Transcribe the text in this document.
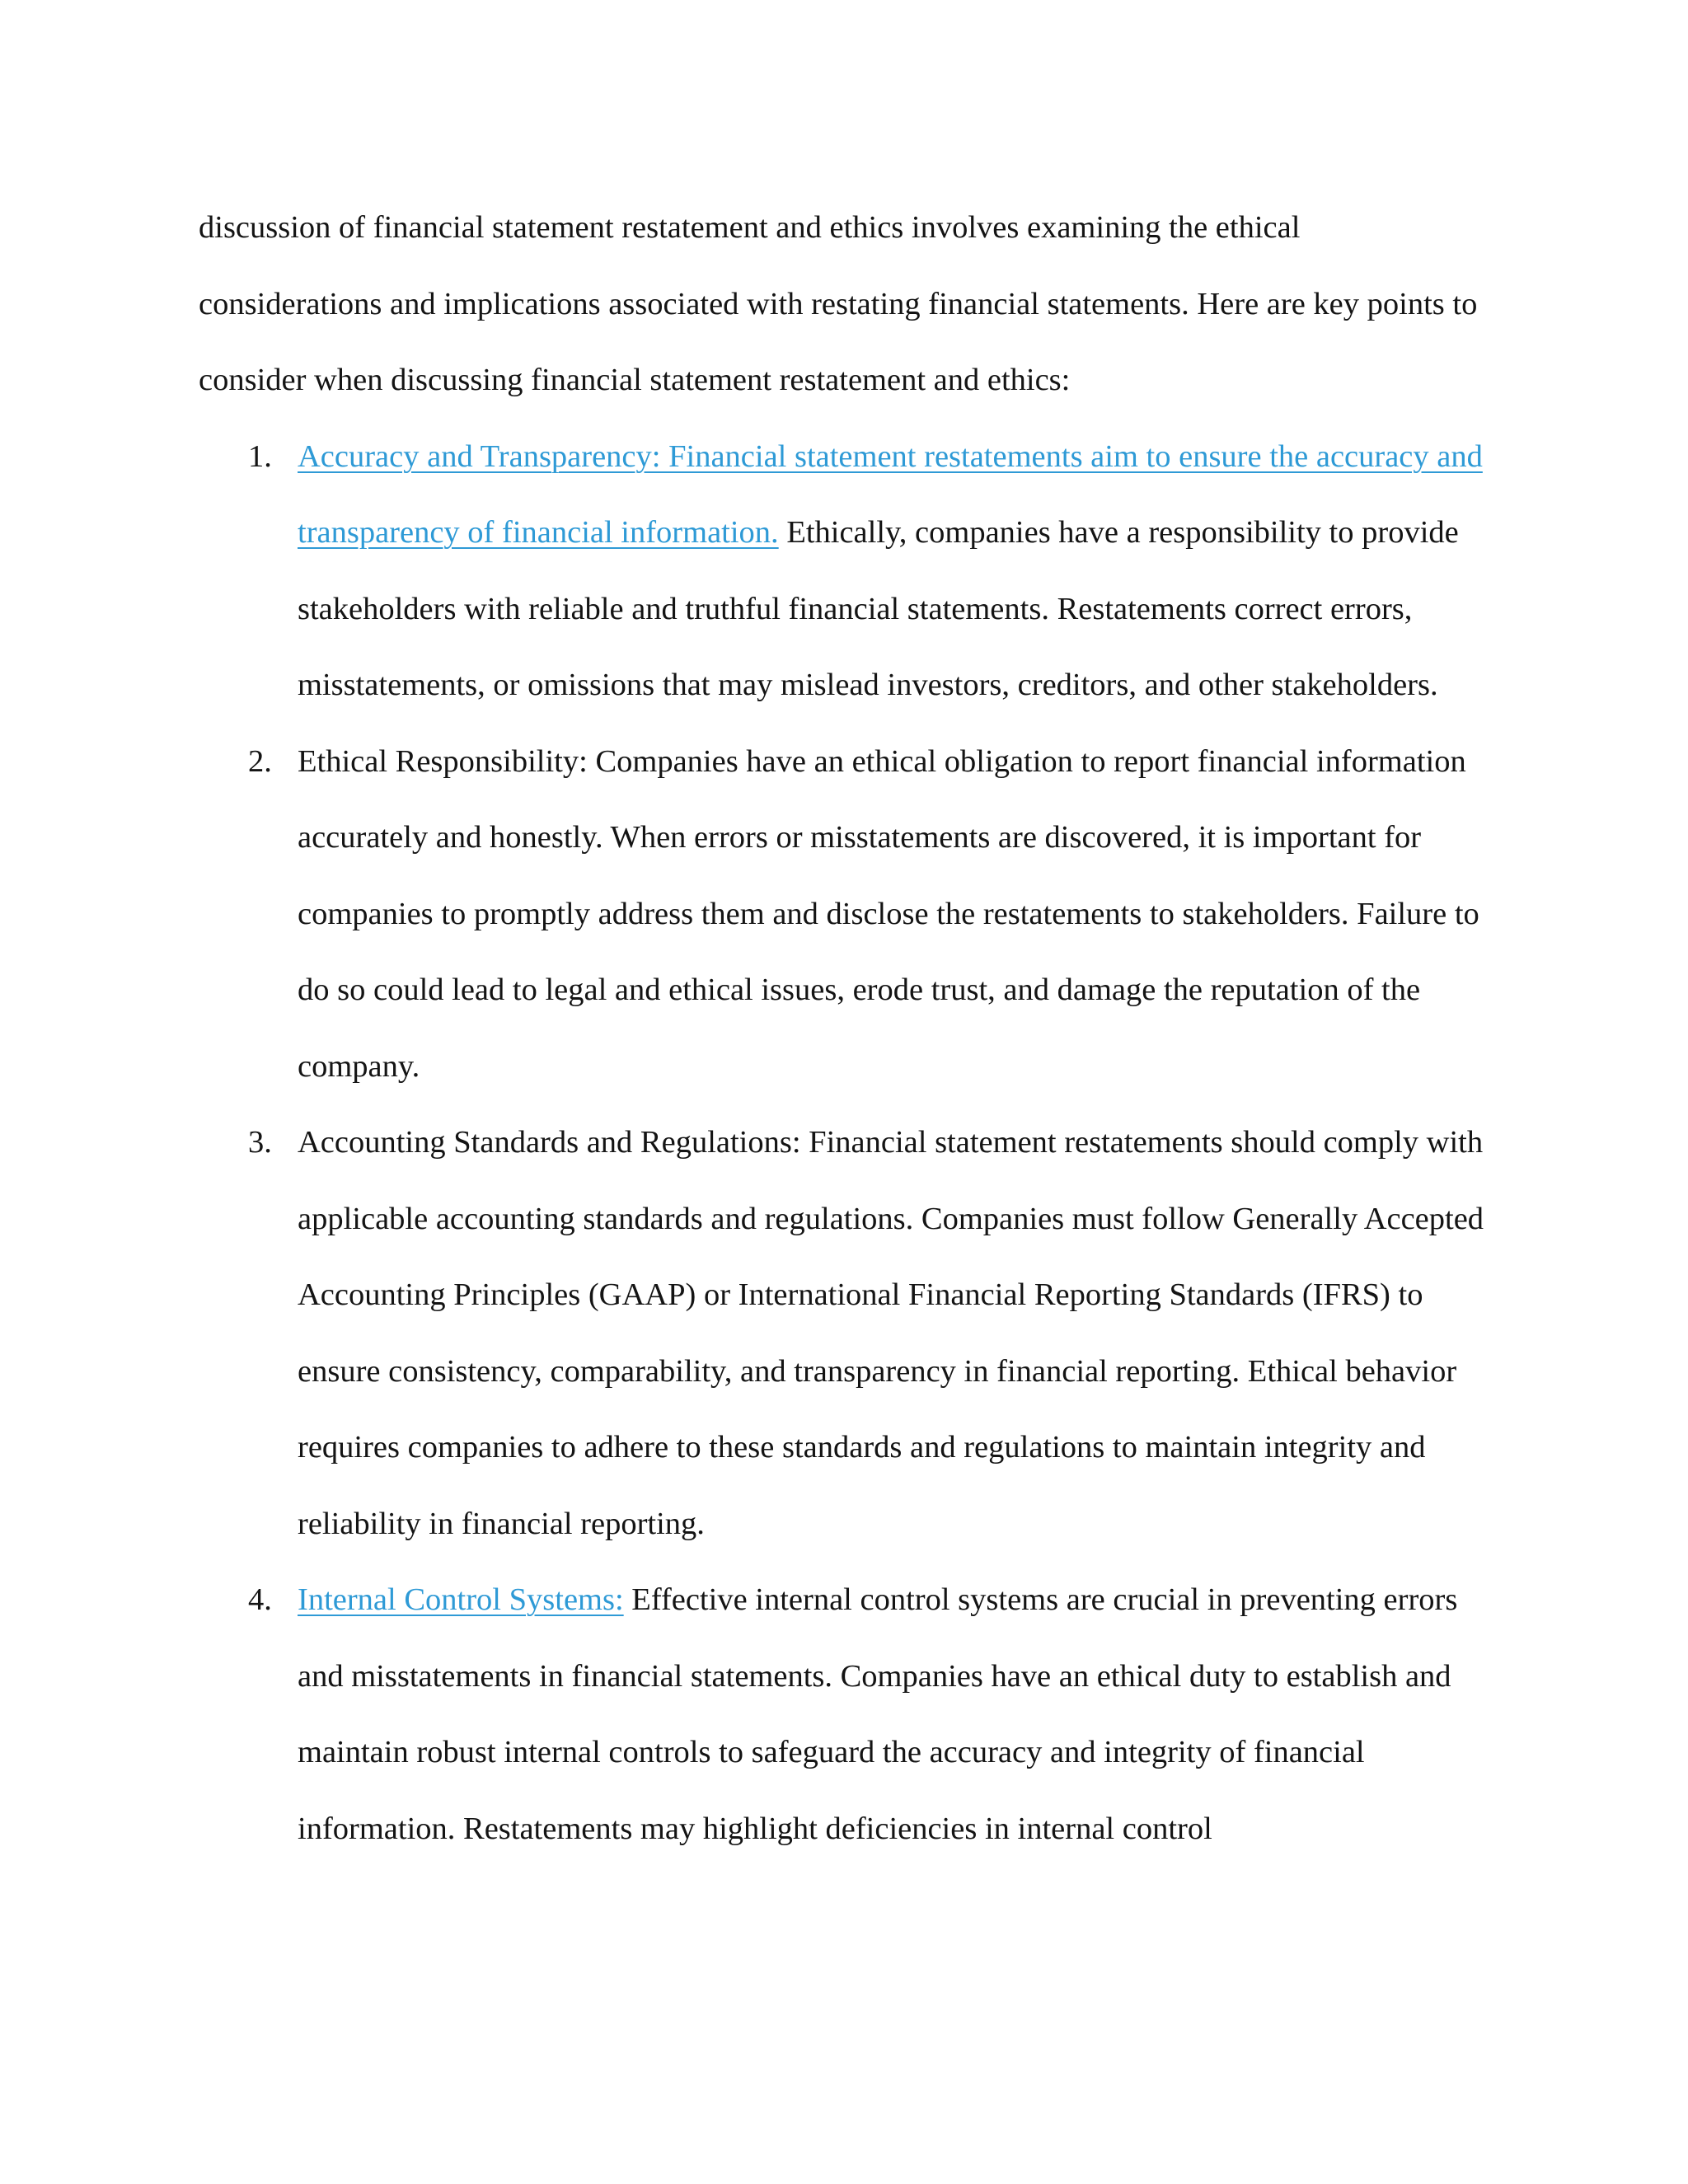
discussion of financial statement restatement and ethics involves examining the ethical considerations and implications associated with restating financial statements. Here are key points to consider when discussing financial statement restatement and ethics:

1. Accuracy and Transparency: Financial statement restatements aim to ensure the accuracy and transparency of financial information. Ethically, companies have a responsibility to provide stakeholders with reliable and truthful financial statements. Restatements correct errors, misstatements, or omissions that may mislead investors, creditors, and other stakeholders.
2. Ethical Responsibility: Companies have an ethical obligation to report financial information accurately and honestly. When errors or misstatements are discovered, it is important for companies to promptly address them and disclose the restatements to stakeholders. Failure to do so could lead to legal and ethical issues, erode trust, and damage the reputation of the company.
3. Accounting Standards and Regulations: Financial statement restatements should comply with applicable accounting standards and regulations. Companies must follow Generally Accepted Accounting Principles (GAAP) or International Financial Reporting Standards (IFRS) to ensure consistency, comparability, and transparency in financial reporting. Ethical behavior requires companies to adhere to these standards and regulations to maintain integrity and reliability in financial reporting.
4. Internal Control Systems: Effective internal control systems are crucial in preventing errors and misstatements in financial statements. Companies have an ethical duty to establish and maintain robust internal controls to safeguard the accuracy and integrity of financial information. Restatements may highlight deficiencies in internal control
